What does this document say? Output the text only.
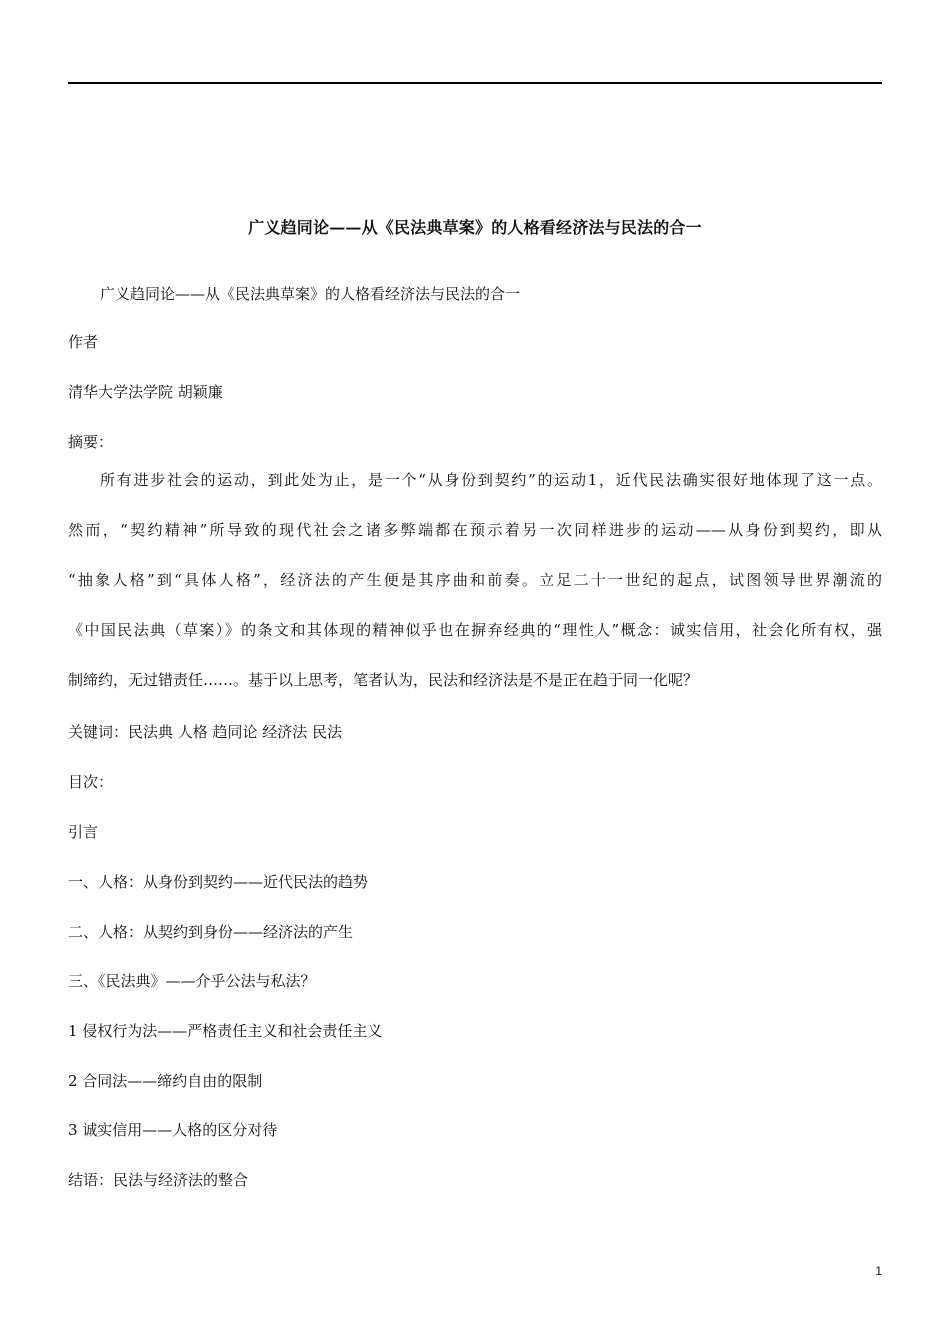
广义趋同论——从《民法典草案》的人格看经济法与民法的合一

广义趋同论——从《民法典草案》的人格看经济法与民法的合一

作者

清华大学法学院 胡颖廉

摘要：

所有进步社会的运动，到此处为止，是一个“从身份到契约”的运动1，近代民法确实很好地体现了这一点。
然而，“契约精神”所导致的现代社会之诸多弊端都在预示着另一次同样进步的运动——从身份到契约，即从
“抽象人格”到“具体人格”，经济法的产生便是其序曲和前奏。立足二十一世纪的起点，试图领导世界潮流的
《中国民法典（草案）》的条文和其体现的精神似乎也在摒弃经典的“理性人”概念：诚实信用，社会化所有权，强
制缔约，无过错责任……。基于以上思考，笔者认为，民法和经济法是不是正在趋于同一化呢？

关键词：民法典 人格 趋同论 经济法 民法

目次：

引言

一、人格：从身份到契约——近代民法的趋势

二、人格：从契约到身份——经济法的产生

三、《民法典》——介乎公法与私法？

1 侵权行为法——严格责任主义和社会责任主义

2 合同法——缔约自由的限制

3 诚实信用——人格的区分对待

结语：民法与经济法的整合

1
